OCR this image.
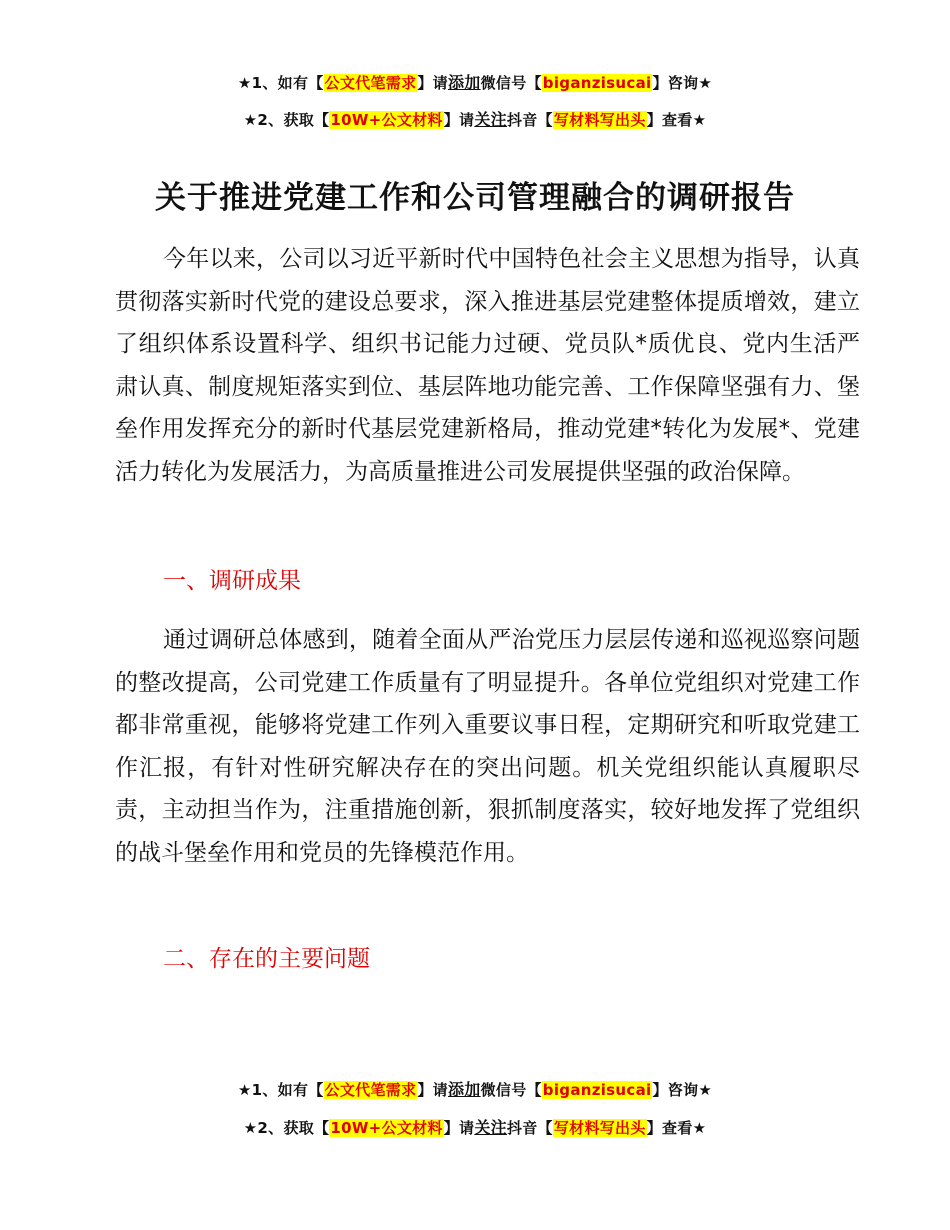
★1、如有【公文代笔需求】请添加微信号【biganzisucai】咨询★
★2、获取【10W+公文材料】请关注抖音【写材料写出头】查看★
关于推进党建工作和公司管理融合的调研报告

今年以来，公司以习近平新时代中国特色社会主义思想为指导，认真贯彻落实新时代党的建设总要求，深入推进基层党建整体提质增效，建立了组织体系设置科学、组织书记能力过硬、党员队*质优良、党内生活严肃认真、制度规矩落实到位、基层阵地功能完善、工作保障坚强有力、堡垒作用发挥充分的新时代基层党建新格局，推动党建*转化为发展*、党建活力转化为发展活力，为高质量推进公司发展提供坚强的政治保障。

一、调研成果

通过调研总体感到，随着全面从严治党压力层层传递和巡视巡察问题的整改提高，公司党建工作质量有了明显提升。各单位党组织对党建工作都非常重视，能够将党建工作列入重要议事日程，定期研究和听取党建工作汇报，有针对性研究解决存在的突出问题。机关党组织能认真履职尽责，主动担当作为，注重措施创新，狠抓制度落实，较好地发挥了党组织的战斗堡垒作用和党员的先锋模范作用。

二、存在的主要问题

★1、如有【公文代笔需求】请添加微信号【biganzisucai】咨询★
★2、获取【10W+公文材料】请关注抖音【写材料写出头】查看★
